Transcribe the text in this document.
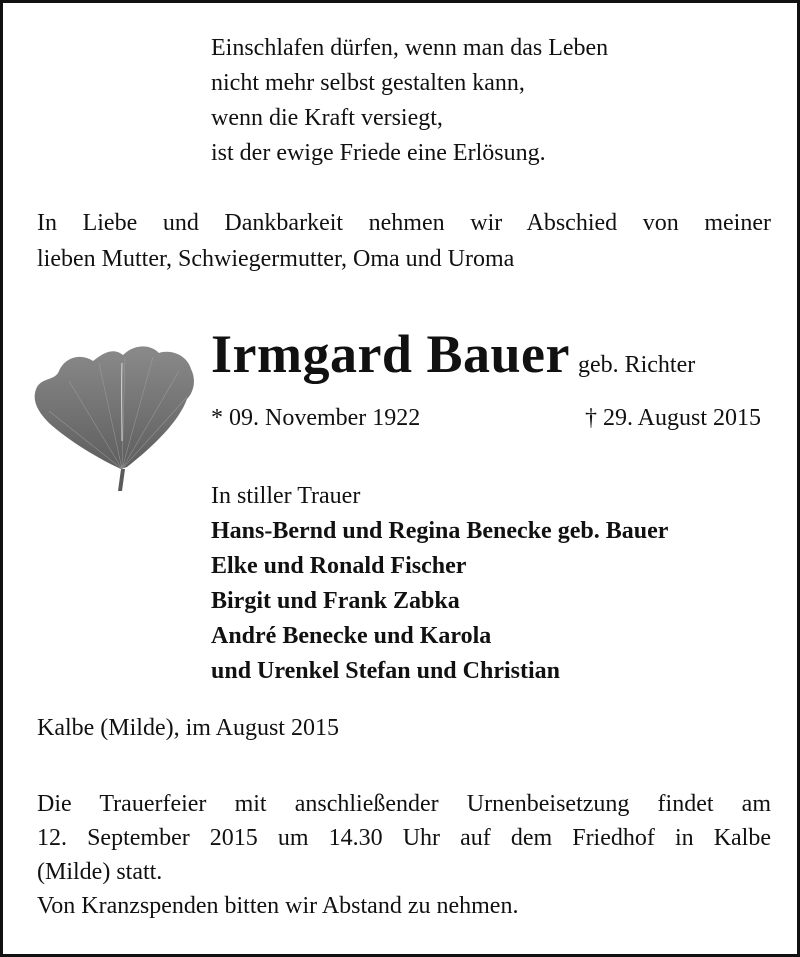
Einschlafen dürfen, wenn man das Leben
nicht mehr selbst gestalten kann,
wenn die Kraft versiegt,
ist der ewige Friede eine Erlösung.
In Liebe und Dankbarkeit nehmen wir Abschied von meiner
lieben Mutter, Schwiegermutter, Oma und Uroma
Irmgard Bauer geb. Richter
* 09. November 1922	† 29. August 2015
In stiller Trauer
Hans-Bernd und Regina Benecke geb. Bauer
Elke und Ronald Fischer
Birgit und Frank Zabka
André Benecke und Karola
und Urenkel Stefan und Christian
Kalbe (Milde), im August 2015
Die Trauerfeier mit anschließender Urnenbeisetzung findet am
12. September 2015 um 14.30 Uhr auf dem Friedhof in Kalbe
(Milde) statt.
Von Kranzspenden bitten wir Abstand zu nehmen.
